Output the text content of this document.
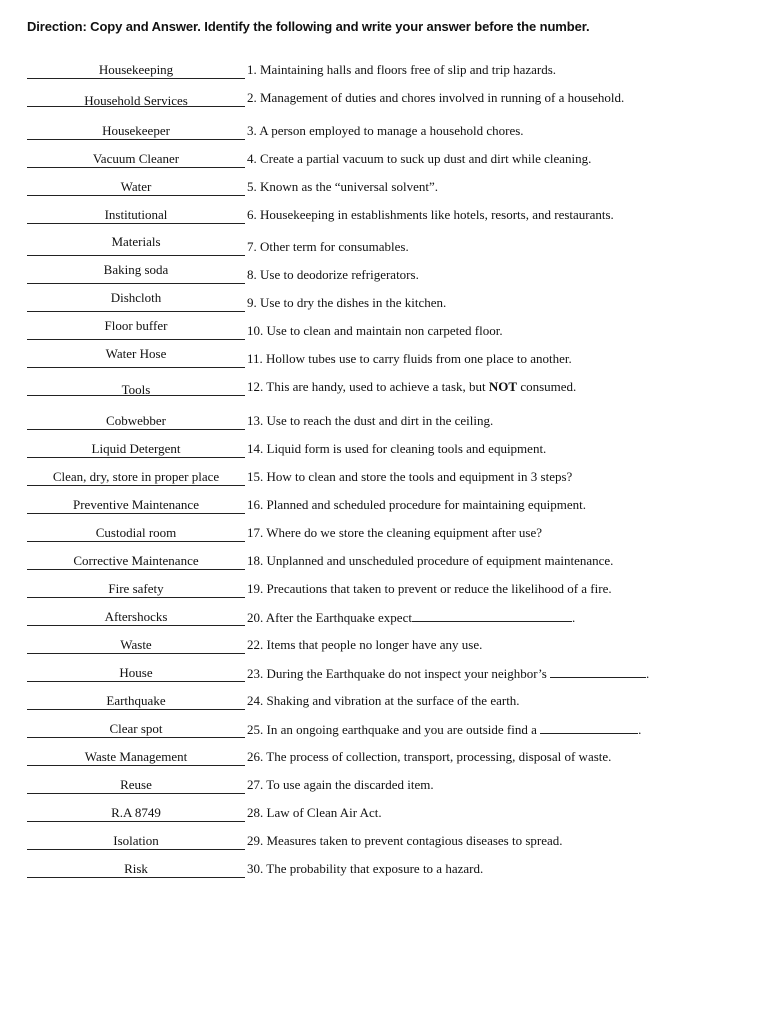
Direction: Copy and Answer. Identify the following and write your answer before the number.
Housekeeping	1. Maintaining halls and floors free of slip and trip hazards.
Household Services	2. Management of duties and chores involved in running of a household.
Housekeeper	3. A person employed to manage a household chores.
Vacuum Cleaner	4. Create a partial vacuum to suck up dust and dirt while cleaning.
Water	5. Known as the “universal solvent”.
Institutional	6. Housekeeping in establishments like hotels, resorts, and restaurants.
Materials	7. Other term for consumables.
Baking soda	8. Use to deodorize refrigerators.
Dishcloth	9. Use to dry the dishes in the kitchen.
Floor buffer	10. Use to clean and maintain non carpeted floor.
Water Hose	11. Hollow tubes use to carry fluids from one place to another.
Tools	12. This are handy, used to achieve a task, but NOT consumed.
Cobwebber	13. Use to reach the dust and dirt in the ceiling.
Liquid Detergent	14. Liquid form is used for cleaning tools and equipment.
Clean, dry, store in proper place	15. How to clean and store the tools and equipment in 3 steps?
Preventive Maintenance	16. Planned and scheduled procedure for maintaining equipment.
Custodial room	17. Where do we store the cleaning equipment after use?
Corrective Maintenance	18. Unplanned and unscheduled procedure of equipment maintenance.
Fire safety	19. Precautions that taken to prevent or reduce the likelihood of a fire.
Aftershocks	20. After the Earthquake expect	.
Waste	22. Items that people no longer have any use.
House	23. During the Earthquake do not inspect your neighbor’s	.
Earthquake	24. Shaking and vibration at the surface of the earth.
Clear spot	25. In an ongoing earthquake and you are outside find a	.
Waste Management	26. The process of collection, transport, processing, disposal of waste.
Reuse	27. To use again the discarded item.
R.A 8749	28. Law of Clean Air Act.
Isolation	29. Measures taken to prevent contagious diseases to spread.
Risk	30. The probability that exposure to a hazard.
